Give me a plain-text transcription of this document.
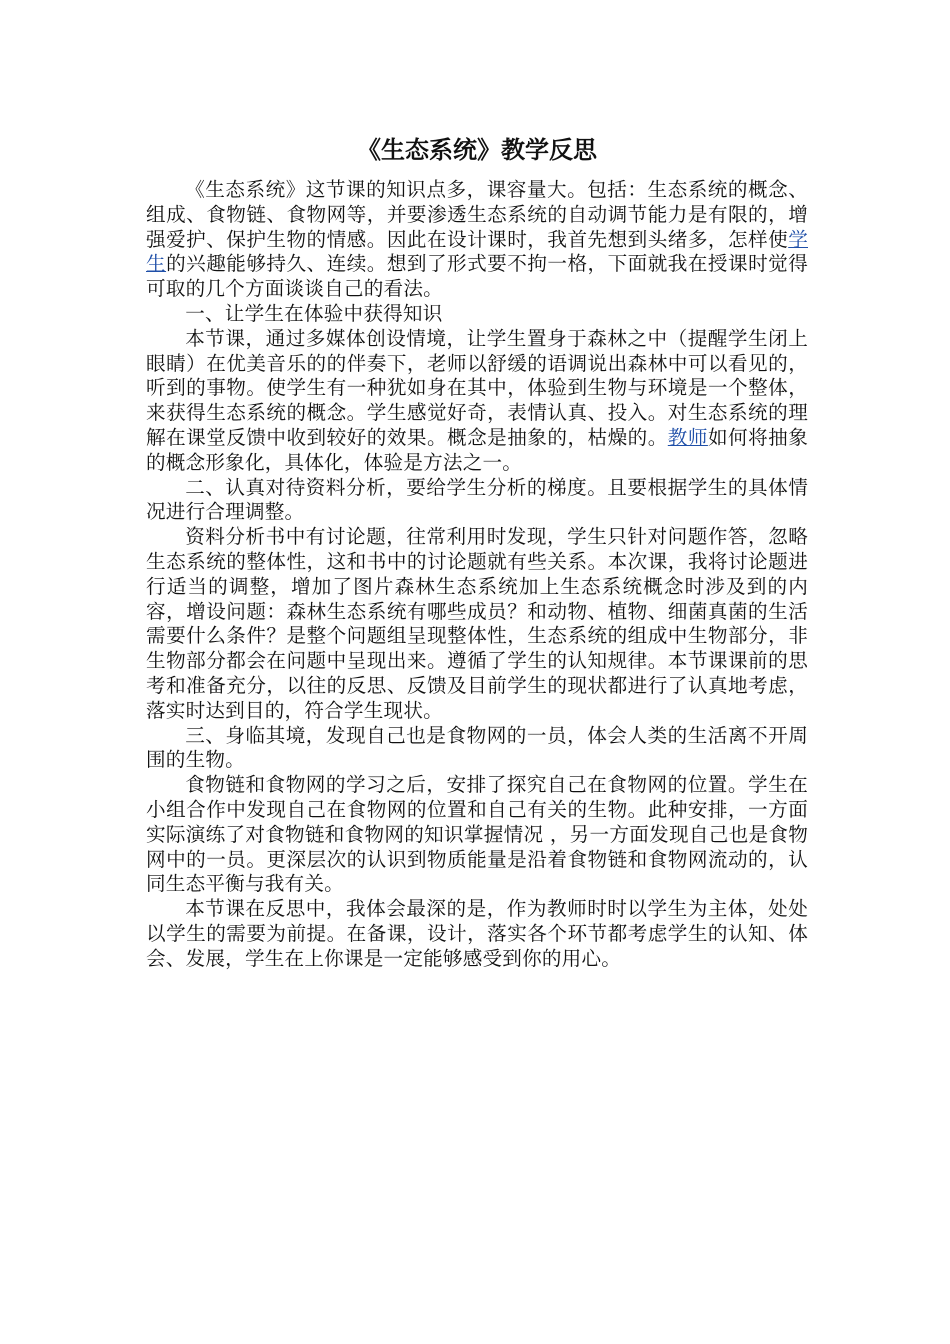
《生态系统》教学反思

《生态系统》这节课的知识点多，课容量大。包括：生态系统的概念、组成、食物链、食物网等，并要渗透生态系统的自动调节能力是有限的，增强爱护、保护生物的情感。因此在设计课时，我首先想到头绪多，怎样使学生的兴趣能够持久、连续。想到了形式要不拘一格，下面就我在授课时觉得可取的几个方面谈谈自己的看法。

一、让学生在体验中获得知识

本节课，通过多媒体创设情境，让学生置身于森林之中（提醒学生闭上眼睛）在优美音乐的的伴奏下，老师以舒缓的语调说出森林中可以看见的，听到的事物。使学生有一种犹如身在其中，体验到生物与环境是一个整体，来获得生态系统的概念。学生感觉好奇，表情认真、投入。对生态系统的理解在课堂反馈中收到较好的效果。概念是抽象的，枯燥的。教师如何将抽象的概念形象化，具体化，体验是方法之一。

二、认真对待资料分析，要给学生分析的梯度。且要根据学生的具体情况进行合理调整。

资料分析书中有讨论题，往常利用时发现，学生只针对问题作答，忽略生态系统的整体性，这和书中的讨论题就有些关系。本次课，我将讨论题进行适当的调整，增加了图片森林生态系统加上生态系统概念时涉及到的内容，增设问题：森林生态系统有哪些成员？和动物、植物、细菌真菌的生活需要什么条件？是整个问题组呈现整体性，生态系统的组成中生物部分，非生物部分都会在问题中呈现出来。遵循了学生的认知规律。本节课课前的思考和准备充分，以往的反思、反馈及目前学生的现状都进行了认真地考虑，落实时达到目的，符合学生现状。

三、身临其境，发现自己也是食物网的一员，体会人类的生活离不开周围的生物。

食物链和食物网的学习之后，安排了探究自己在食物网的位置。学生在小组合作中发现自己在食物网的位置和自己有关的生物。此种安排，一方面实际演练了对食物链和食物网的知识掌握情况 ，另一方面发现自己也是食物网中的一员。更深层次的认识到物质能量是沿着食物链和食物网流动的，认同生态平衡与我有关。

本节课在反思中，我体会最深的是，作为教师时时以学生为主体，处处以学生的需要为前提。在备课，设计，落实各个环节都考虑学生的认知、体会、发展，学生在上你课是一定能够感受到你的用心。
